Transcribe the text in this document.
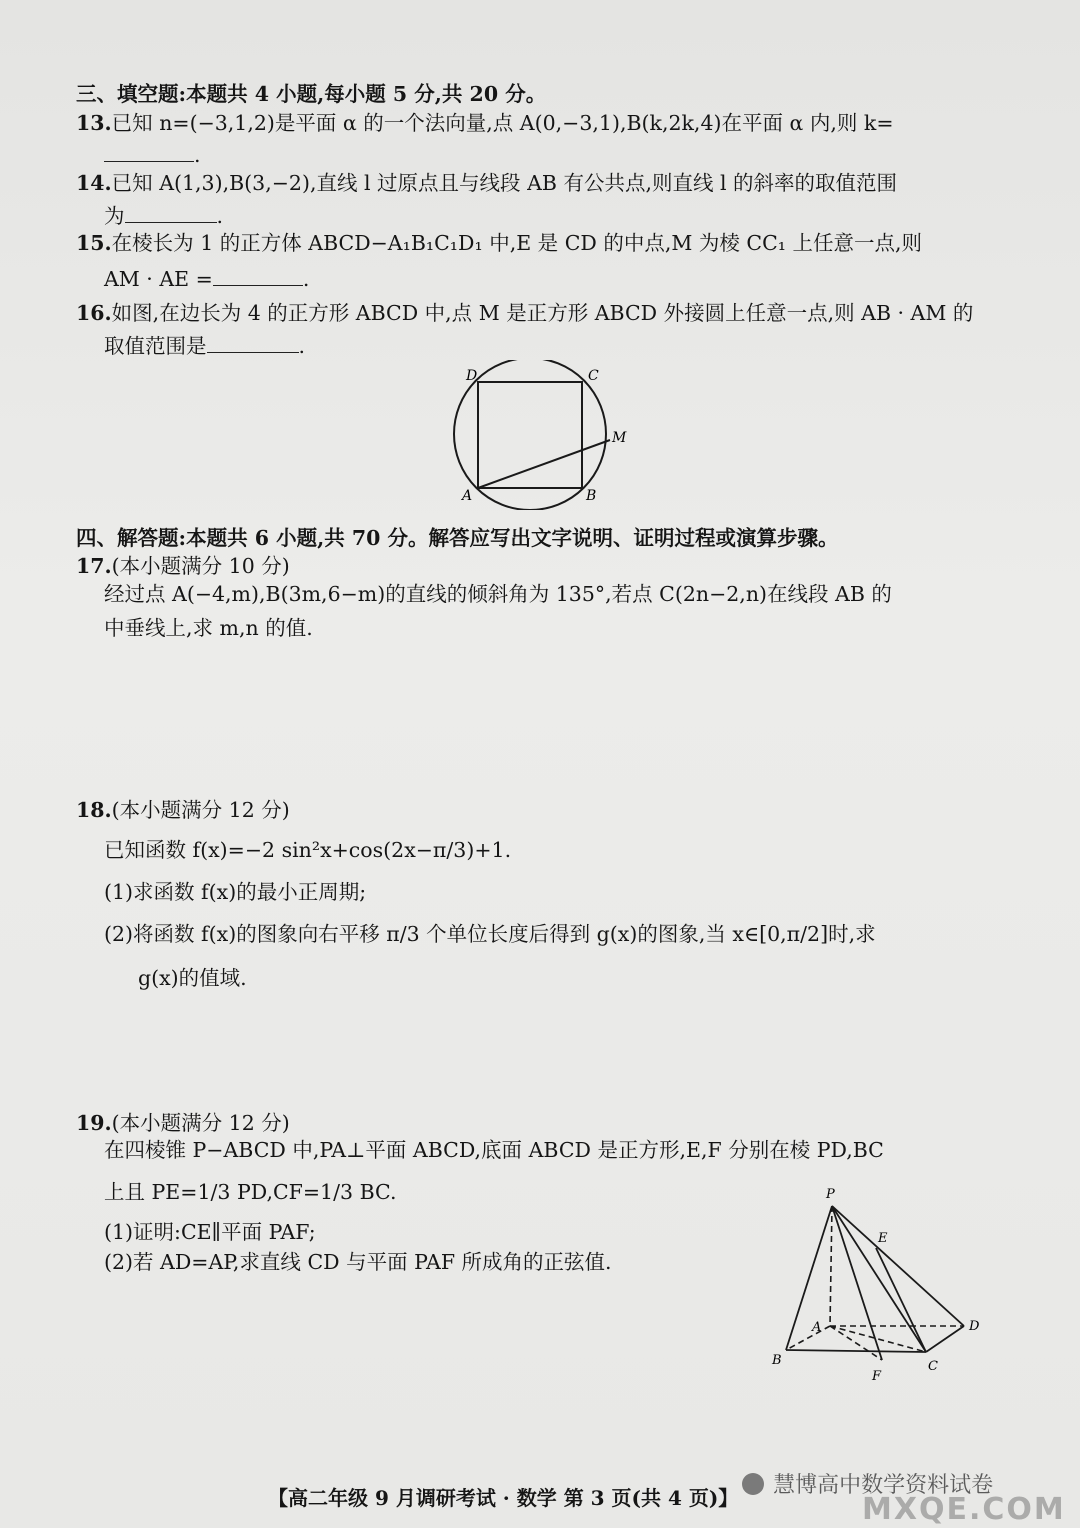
三、填空题:本题共 4 小题,每小题 5 分,共 20 分。
13.已知 n=(−3,1,2)是平面 α 的一个法向量,点 A(0,−3,1),B(k,2k,4)在平面 α 内,则 k=
.
14.已知 A(1,3),B(3,−2),直线 l 过原点且与线段 AB 有公共点,则直线 l 的斜率的取值范围
为	.
15.在棱长为 1 的正方体 ABCD−A₁B₁C₁D₁ 中,E 是 CD 的中点,M 为棱 CC₁ 上任意一点,则
AM · AE =	.
16.如图,在边长为 4 的正方形 ABCD 中,点 M 是正方形 ABCD 外接圆上任意一点,则 AB · AM 的
取值范围是	.
D	C
M
A	B
四、解答题:本题共 6 小题,共 70 分。解答应写出文字说明、证明过程或演算步骤。
17.(本小题满分 10 分)
经过点 A(−4,m),B(3m,6−m)的直线的倾斜角为 135°,若点 C(2n−2,n)在线段 AB 的
中垂线上,求 m,n 的值.
18.(本小题满分 12 分)
已知函数 f(x)=−2 sin²x+cos(2x−π/3)+1.
(1)求函数 f(x)的最小正周期;
(2)将函数 f(x)的图象向右平移 π/3 个单位长度后得到 g(x)的图象,当 x∈[0,π/2]时,求
g(x)的值域.
19.(本小题满分 12 分)
在四棱锥 P−ABCD 中,PA⊥平面 ABCD,底面 ABCD 是正方形,E,F 分别在棱 PD,BC
上且 PE=1/3 PD,CF=1/3 BC.
(1)证明:CE∥平面 PAF;
(2)若 AD=AP,求直线 CD 与平面 PAF 所成角的正弦值.
P
E
A	D
B	C
F
【高二年级 9 月调研考试 · 数学 第 3 页(共 4 页)】	慧博高中数学资料试卷
MXQE.COM
